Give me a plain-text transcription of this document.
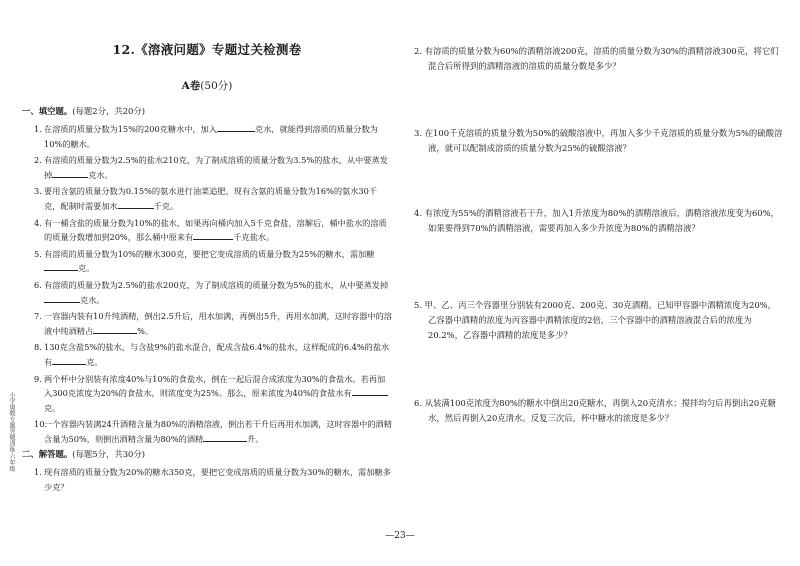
小学奥数专题突破训练·六年级
12.《溶液问题》专题过关检测卷
A卷(50分)
一、填空题。(每题2分，共20分)
1. 在溶质的质量分数为15%的200克糖水中，加入	克水，就能得到溶质的质量分数为10%的糖水。
2. 有溶质的质量分数为2.5%的盐水210克，为了制成溶质的质量分数为3.5%的盐水，从中要蒸发掉	克水。
3. 要用含氨的质量分数为0.15%的氨水进行油菜追肥，现有含氨的质量分数为16%的氨水30千克，配制时需要加水	千克。
4. 有一桶含盐的质量分数为10%的盐水，如果再向桶内加入5千克食盐，溶解后，桶中盐水的溶质的质量分数增加到20%，那么桶中原来有	千克盐水。
5. 有溶质的质量分数为10%的糖水300克，要把它变成溶质的质量分数为25%的糖水，需加糖克。
6. 有溶质的质量分数为2.5%的盐水200克，为了制成溶质的质量分数为5%的盐水，从中要蒸发掉克水。
7. 一容器内装有10升纯酒精，倒出2.5升后，用水加满，再倒出5升，再用水加满，这时容器中的溶液中纯酒精占	%。
8. 130克含盐5%的盐水，与含盐9%的盐水混合，配成含盐6.4%的盐水，这样配成的6.4%的盐水有	克。
9. 两个杯中分别装有浓度40%与10%的食盐水，倒在一起后混合成浓度为30%的食盐水。若再加入300克浓度为20%的食盐水，则浓度变为25%。那么，原来浓度为40%的食盐水有克。
10.一个容器内装满24升酒精含量为80%的酒精溶液，倒出若干升后再用水加满，这时容器中的酒精含量为50%，则倒出酒精含量为80%的酒精	升。
二、解答题。(每题5分，共30分)
1. 现有溶质的质量分数为20%的糖水350克，要把它变成溶质的质量分数为30%的糖水，需加糖多少克？
2. 有溶质的质量分数为60%的酒精溶液200克，溶质的质量分数为30%的酒精溶液300克，将它们混合后所得到的酒精溶液的溶质的质量分数是多少？
3. 在100千克溶质的质量分数为50%的硫酸溶液中，再加入多少千克溶质的质量分数为5%的硫酸溶液，就可以配制成溶质的质量分数为25%的硫酸溶液？
4. 有浓度为55%的酒精溶液若干升，加入1升浓度为80%的酒精溶液后，酒精溶液浓度变为60%，如果要得到70%的酒精溶液，需要再加入多少升浓度为80%的酒精溶液？
5. 甲、乙、丙三个容器里分别装有2000克、200克、30克酒精。已知甲容器中酒精浓度为20%，乙容器中酒精的浓度为丙容器中酒精浓度的2倍，三个容器中的酒精溶液混合后的浓度为20.2%，乙容器中酒精的浓度是多少？
6. 从装满100克浓度为80%的糖水中倒出20克糖水，再倒入20克清水；搅拌均匀后再倒出20克糖水，然后再倒入20克清水。反复三次后，杯中糖水的浓度是多少？
—23—
